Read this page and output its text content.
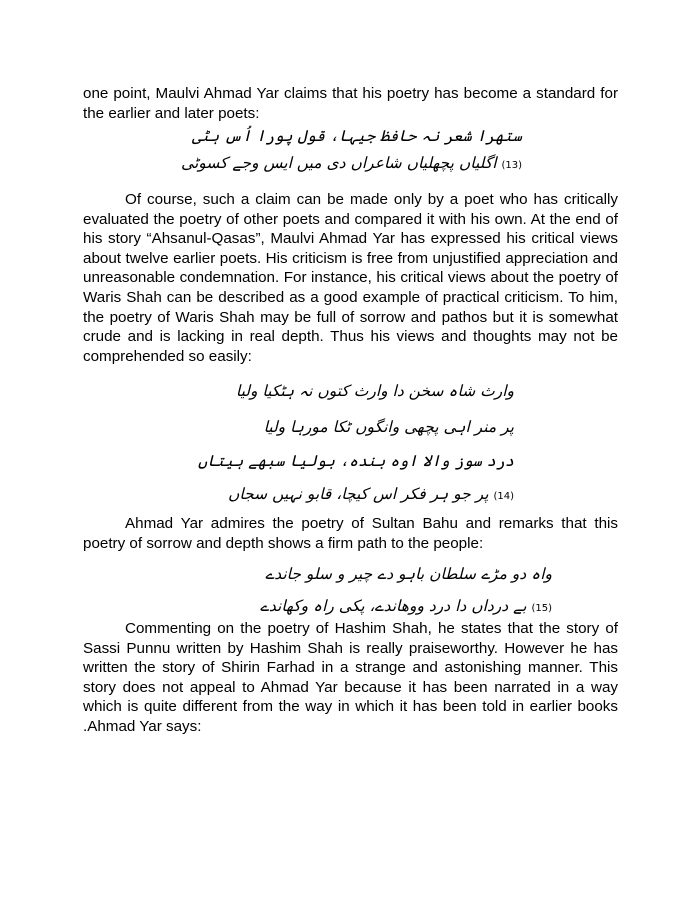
one point, Maulvi Ahmad Yar claims that his poetry has become a standard for the earlier and later poets:

ستھرا شعر نہ حافظ جیہا، قول پورا اُس ہٹی
(13) اگلیاں پچھلیاں شاعراں دی میں ایس وجے کسوٹی

Of course, such a claim can be made only by a poet who has critically evaluated the poetry of other poets and compared it with his own. At the end of his story “Ahsanul-Qasas”, Maulvi Ahmad Yar has expressed his critical views about twelve earlier poets. His criticism is free from unjustified appreciation and unreasonable condemnation. For instance, his critical views about the poetry of Waris Shah can be described as a good example of practical criticism. To him, the poetry of Waris Shah may be full of sorrow and pathos but it is somewhat crude and is lacking in real depth. Thus his views and thoughts may not be comprehended so easily:

وارث شاہ سخن دا وارث کتوں نہ ہٹکیا ولیا
پر منر اہی پچھی وانگوں ٹکا مورہا ولیا
درد سوز والا اوہ بندہ، بولیا سبھے ہیتاں
(14) پر جو ہر فکر اس کیچا، قابو نہیں سجاں

Ahmad Yar admires the poetry of Sultan Bahu and remarks that this poetry of sorrow and depth shows a firm path to the people:

واہ دو مڑے سلطان باہو دے چیر و سلو جاندے
(15) بے درداں دا درد ووھاندے، پکی راہ وکھاندے

Commenting on the poetry of Hashim Shah, he states that the story of Sassi Punnu written by Hashim Shah is really praiseworthy. However he has written the story of Shirin Farhad in a strange and astonishing manner. This story does not appeal to Ahmad Yar because it has been narrated in a way which is quite different from the way in which it has been told in earlier books .Ahmad Yar says:
